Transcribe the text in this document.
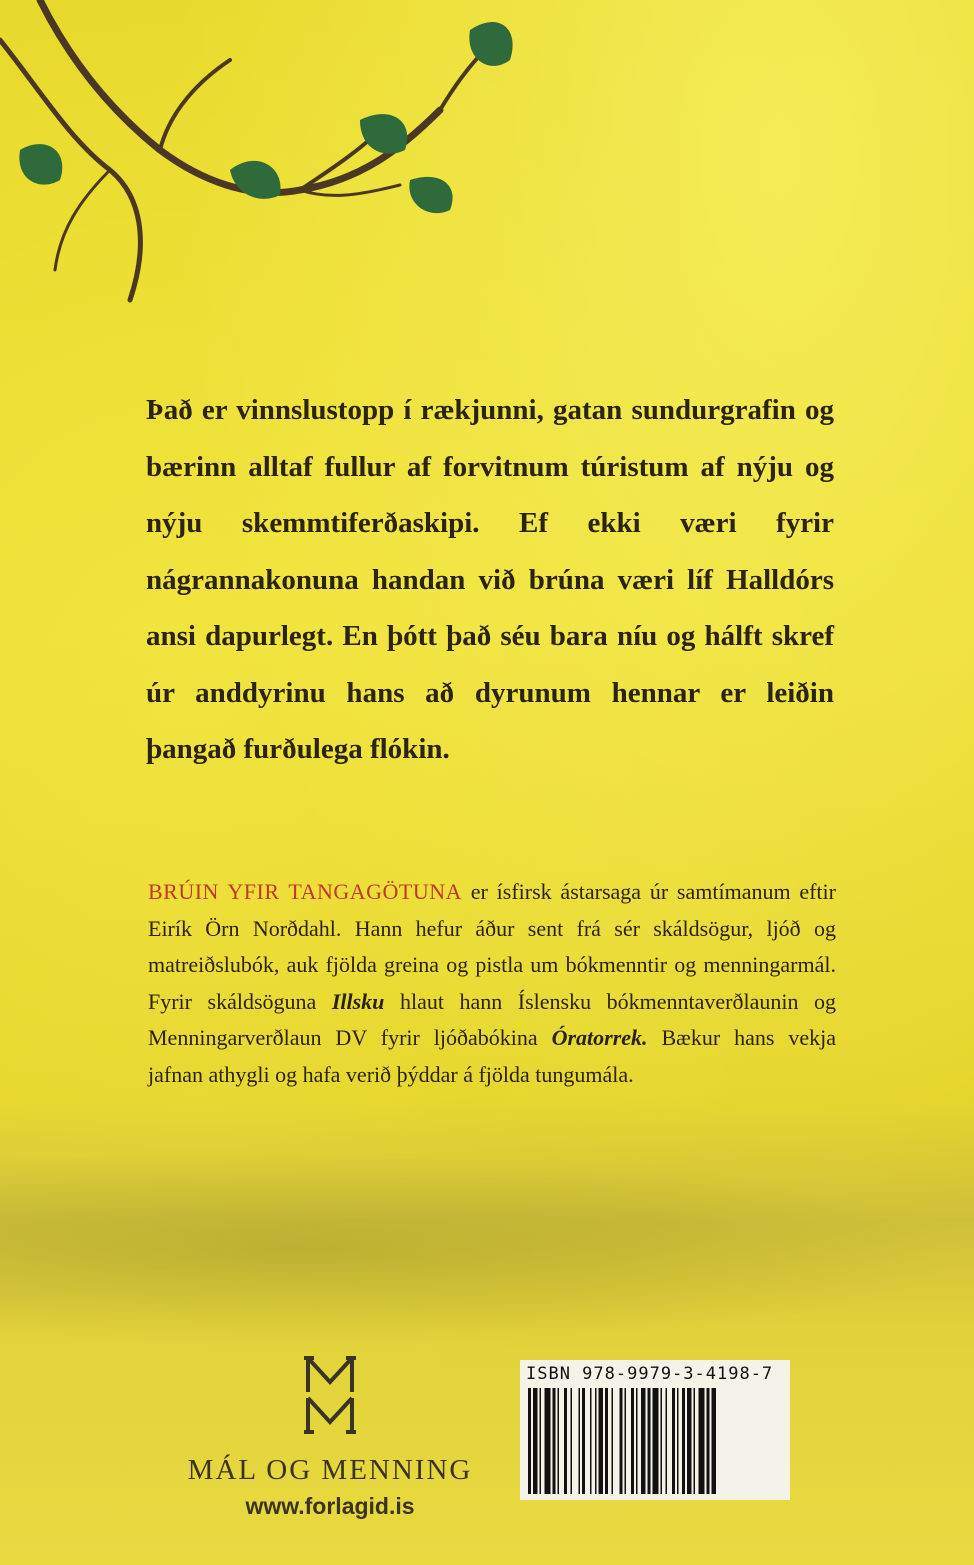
Það er vinnslustopp í rækjunni, gatan sundurgrafin og bærinn alltaf fullur af forvitnum túristum af nýju og nýju skemmtiferðaskipi. Ef ekki væri fyrir nágrannakonuna handan við brúna væri líf Halldórs ansi dapurlegt. En þótt það séu bara níu og hálft skref úr anddyrinu hans að dyrunum hennar er leiðin þangað furðulega flókin.

BRÚIN YFIR TANGAGÖTUNA er ísfirsk ástarsaga úr samtímanum eftir Eirík Örn Norðdahl. Hann hefur áður sent frá sér skáldsögur, ljóð og matreiðslubók, auk fjölda greina og pistla um bókmenntir og menningarmál. Fyrir skáldsöguna Illsku hlaut hann Íslensku bókmenntaverðlaunin og Menningarverðlaun DV fyrir ljóðabókina Óratorrek. Bækur hans vekja jafnan athygli og hafa verið þýddar á fjölda tungumála.

MÁL OG MENNING
www.forlagid.is
ISBN 978-9979-3-4198-7
